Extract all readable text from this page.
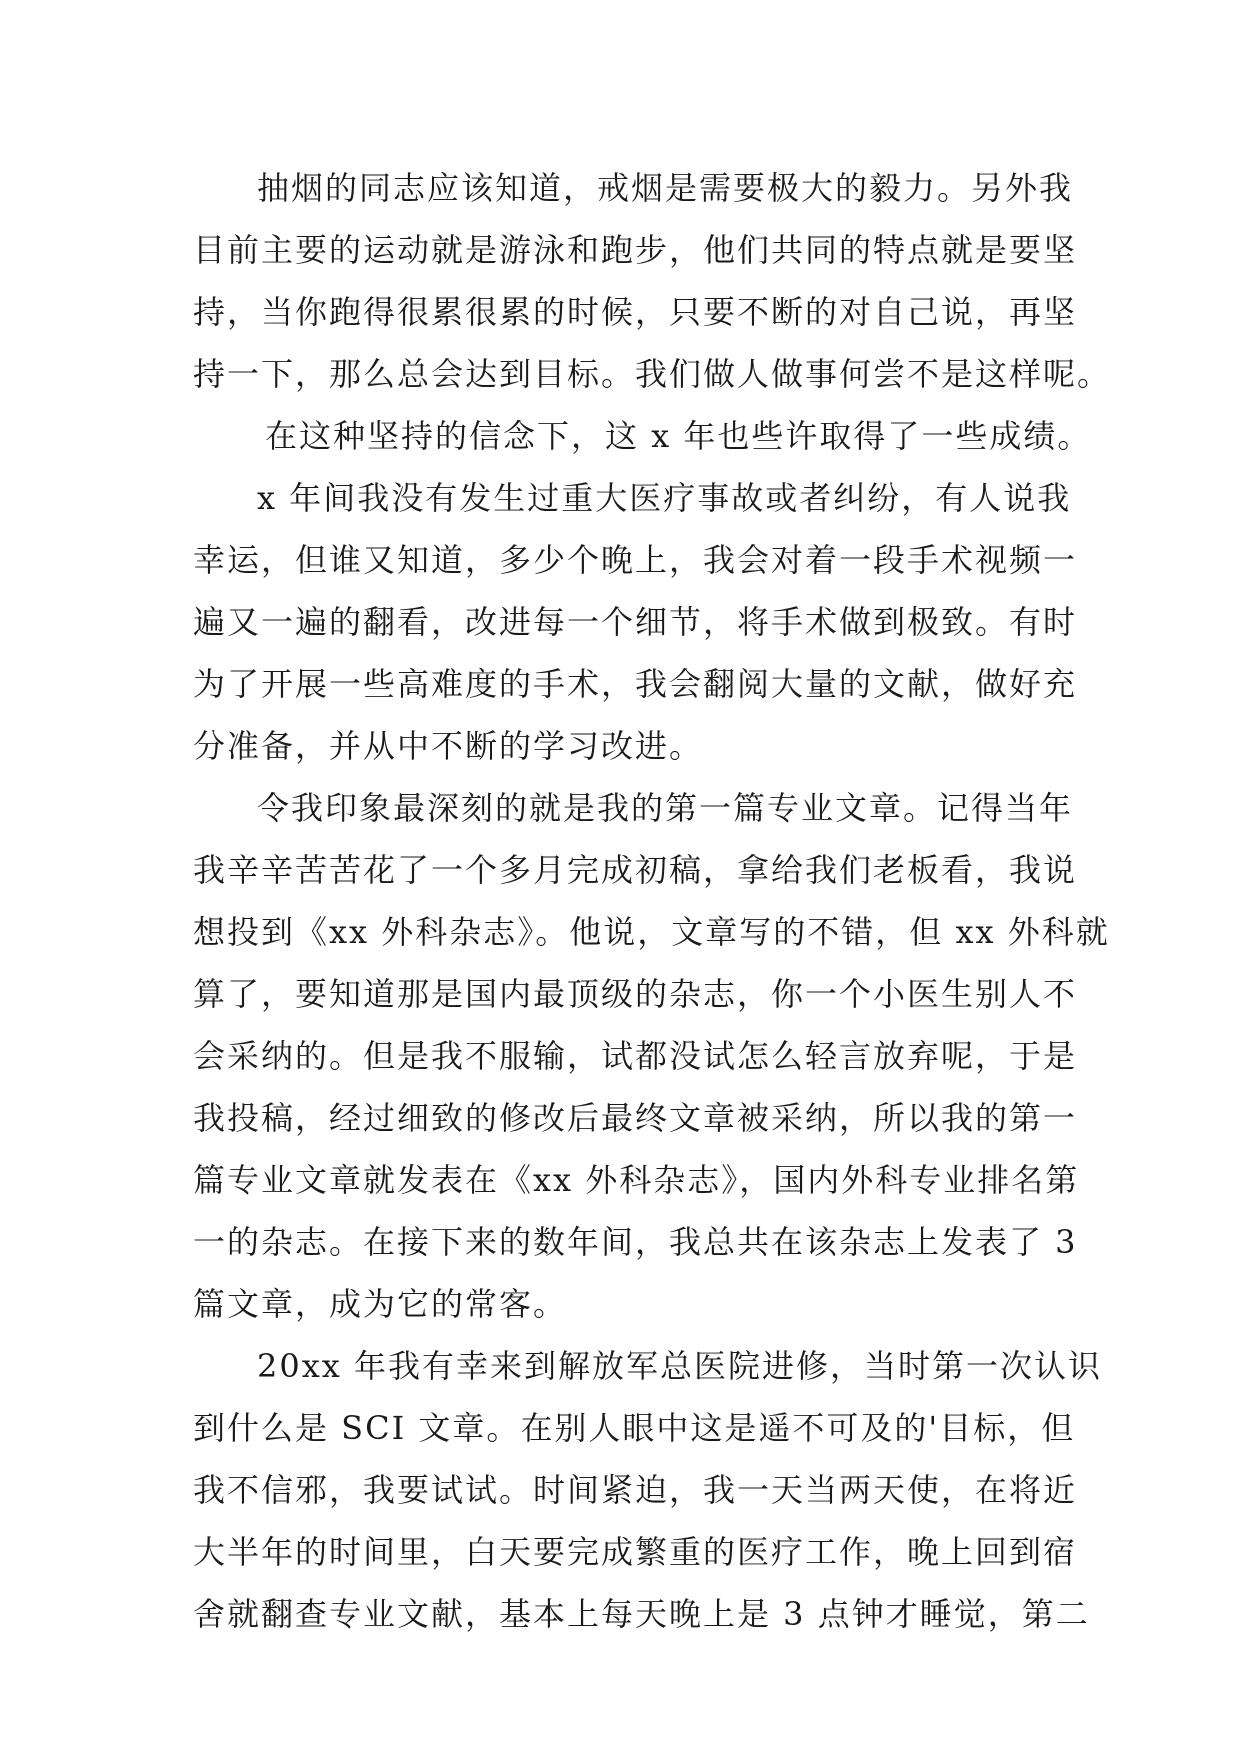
抽烟的同志应该知道，戒烟是需要极大的毅力。另外我
目前主要的运动就是游泳和跑步，他们共同的特点就是要坚
持，当你跑得很累很累的时候，只要不断的对自己说，再坚
持一下，那么总会达到目标。我们做人做事何尝不是这样呢。
在这种坚持的信念下，这 x 年也些许取得了一些成绩。
x 年间我没有发生过重大医疗事故或者纠纷，有人说我
幸运，但谁又知道，多少个晚上，我会对着一段手术视频一
遍又一遍的翻看，改进每一个细节，将手术做到极致。有时
为了开展一些高难度的手术，我会翻阅大量的文献，做好充
分准备，并从中不断的学习改进。
令我印象最深刻的就是我的第一篇专业文章。记得当年
我辛辛苦苦花了一个多月完成初稿，拿给我们老板看，我说
想投到《xx 外科杂志》。他说，文章写的不错，但 xx 外科就
算了，要知道那是国内最顶级的杂志，你一个小医生别人不
会采纳的。但是我不服输，试都没试怎么轻言放弃呢，于是
我投稿，经过细致的修改后最终文章被采纳，所以我的第一
篇专业文章就发表在《xx 外科杂志》，国内外科专业排名第
一的杂志。在接下来的数年间，我总共在该杂志上发表了 3
篇文章，成为它的常客。
20xx 年我有幸来到解放军总医院进修，当时第一次认识
到什么是 SCI 文章。在别人眼中这是遥不可及的'目标，但
我不信邪，我要试试。时间紧迫，我一天当两天使，在将近
大半年的时间里，白天要完成繁重的医疗工作，晚上回到宿
舍就翻查专业文献，基本上每天晚上是 3 点钟才睡觉，第二
